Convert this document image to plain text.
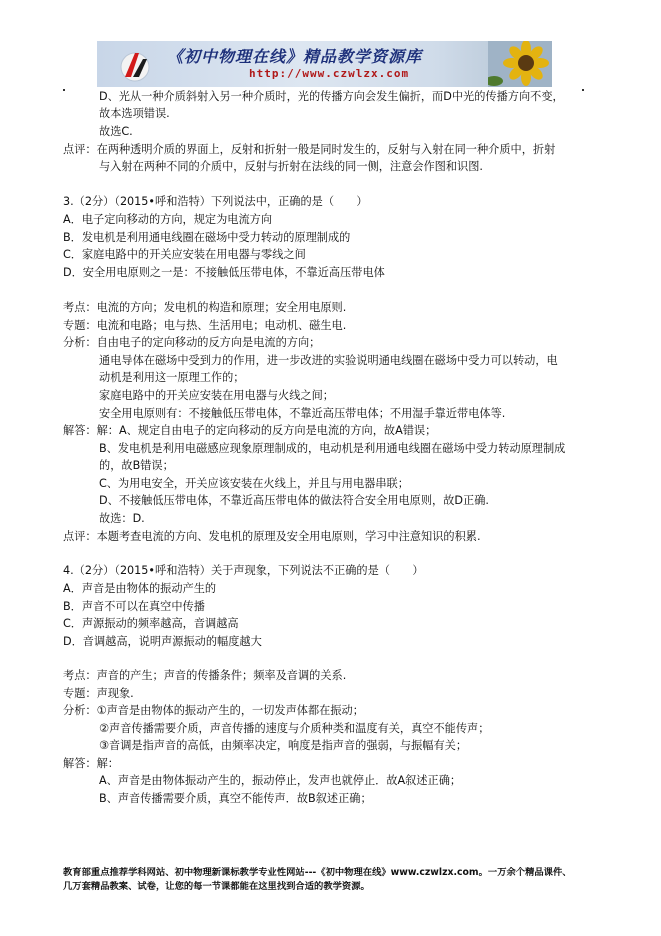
《初中物理在线》精品教学资源库
http://www.czwlzx.com
D、光从一种介质斜射入另一种介质时，光的传播方向会发生偏折，而D中光的传播方向不变，
故本选项错误.
故选C.
点评：在两种透明介质的界面上，反射和折射一般是同时发生的，反射与入射在同一种介质中，折射
与入射在两种不同的介质中，反射与折射在法线的同一侧，注意会作图和识图.
3.（2分）（2015•呼和浩特）下列说法中，正确的是（　　）
A．电子定向移动的方向，规定为电流方向
B．发电机是利用通电线圈在磁场中受力转动的原理制成的
C．家庭电路中的开关应安装在用电器与零线之间
D．安全用电原则之一是：不接触低压带电体，不靠近高压带电体
考点：电流的方向；发电机的构造和原理；安全用电原则.
专题：电流和电路；电与热、生活用电；电动机、磁生电.
分析：自由电子的定向移动的反方向是电流的方向；
通电导体在磁场中受到力的作用，进一步改进的实验说明通电线圈在磁场中受力可以转动，电
动机是利用这一原理工作的；
家庭电路中的开关应安装在用电器与火线之间；
安全用电原则有：不接触低压带电体，不靠近高压带电体；不用湿手靠近带电体等.
解答：解：A、规定自由电子的定向移动的反方向是电流的方向，故A错误；
B、发电机是利用电磁感应现象原理制成的，电动机是利用通电线圈在磁场中受力转动原理制成
的，故B错误；
C、为用电安全，开关应该安装在火线上，并且与用电器串联；
D、不接触低压带电体，不靠近高压带电体的做法符合安全用电原则，故D正确.
故选：D.
点评：本题考查电流的方向、发电机的原理及安全用电原则，学习中注意知识的积累.
4.（2分）（2015•呼和浩特）关于声现象，下列说法不正确的是（　　）
A．声音是由物体的振动产生的
B．声音不可以在真空中传播
C．声源振动的频率越高，音调越高
D．音调越高，说明声源振动的幅度越大
考点：声音的产生；声音的传播条件；频率及音调的关系.
专题：声现象.
分析：①声音是由物体的振动产生的，一切发声体都在振动；
②声音传播需要介质，声音传播的速度与介质种类和温度有关，真空不能传声；
③音调是指声音的高低，由频率决定，响度是指声音的强弱，与振幅有关；
解答：解：
A、声音是由物体振动产生的，振动停止，发声也就停止．故A叙述正确；
B、声音传播需要介质，真空不能传声．故B叙述正确；
教育部重点推荐学科网站、初中物理新课标教学专业性网站---《初中物理在线》www.czwlzx.com。一万余个精品课件、
几万套精品教案、试卷，让您的每一节课都能在这里找到合适的教学资源。
